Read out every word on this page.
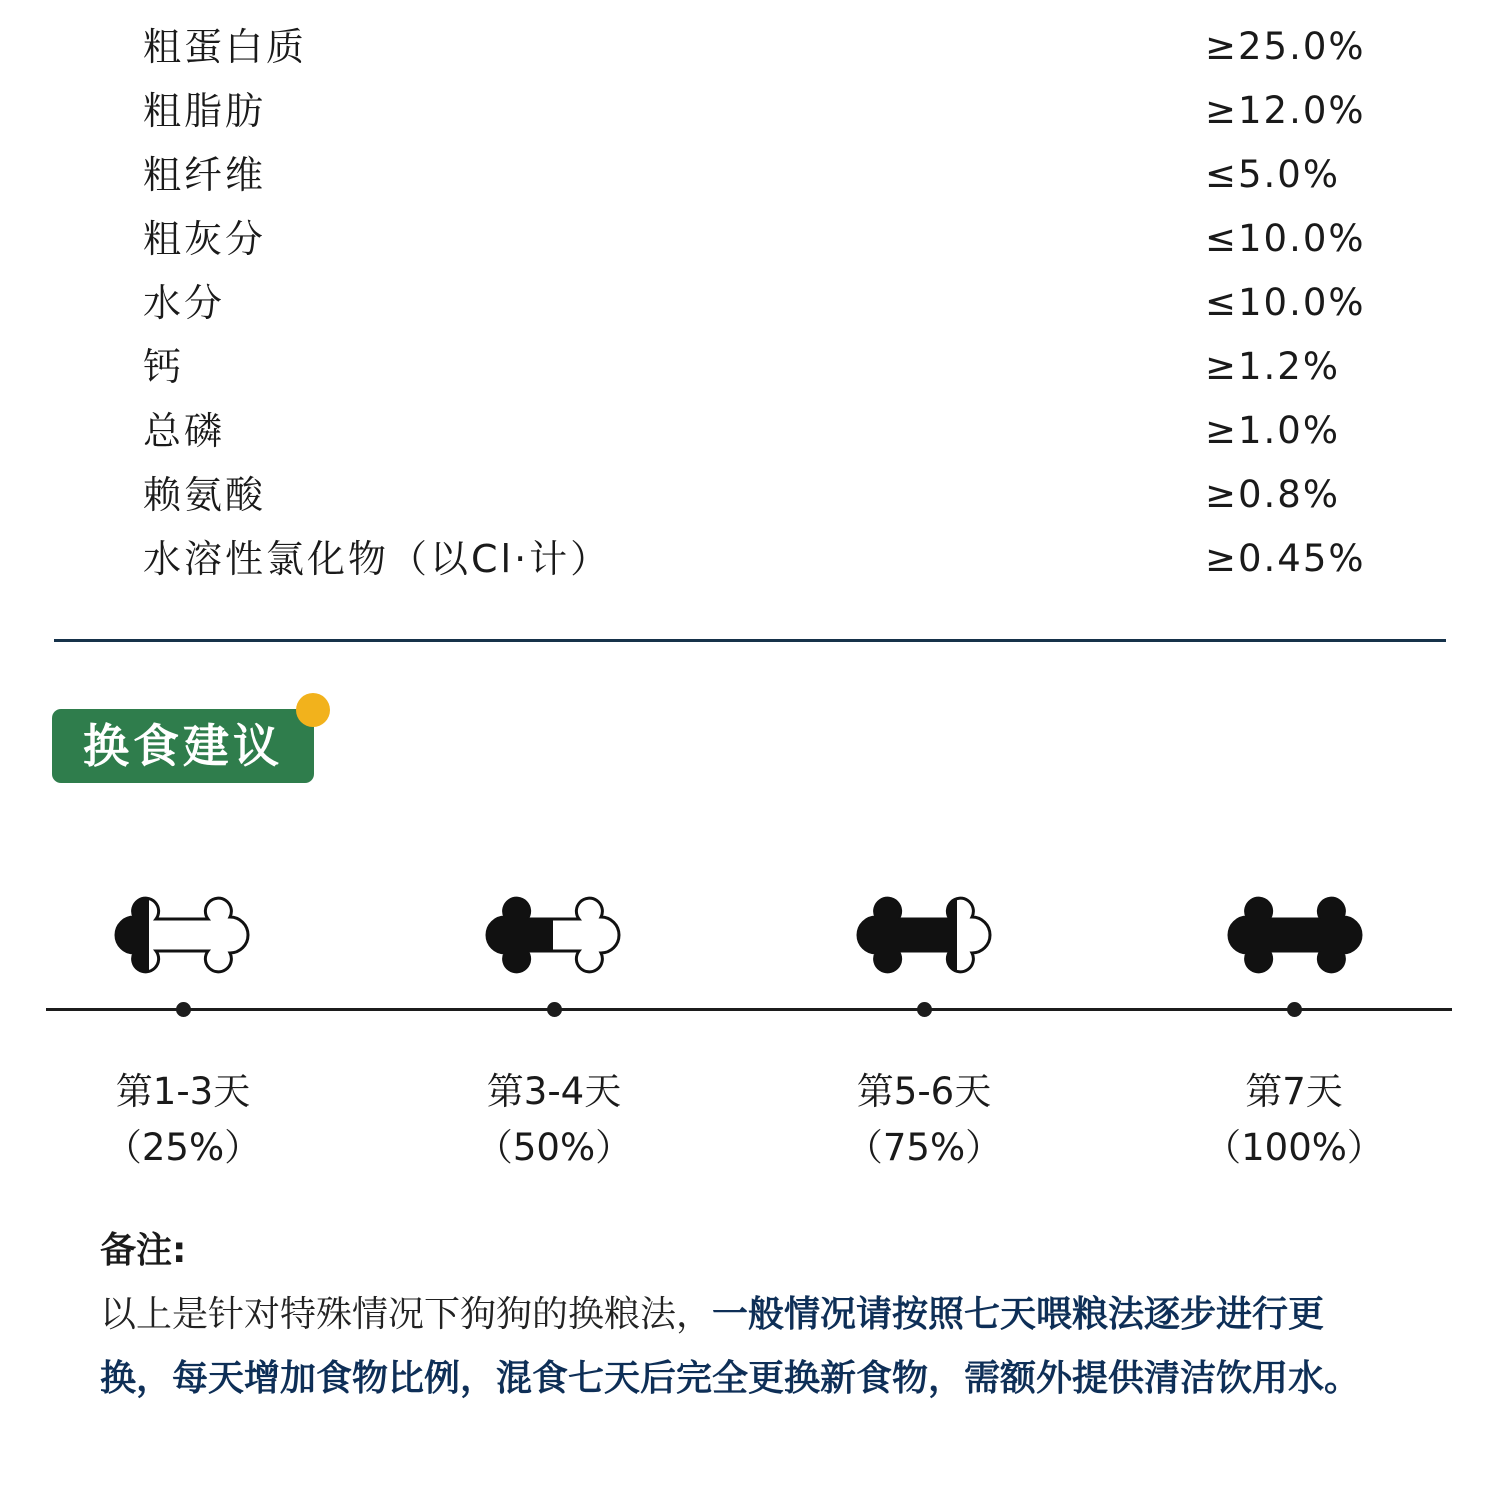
粗蛋白质	≥25.0%
粗脂肪	≥12.0%
粗纤维	≤5.0%
粗灰分	≤10.0%
水分	≤10.0%
钙	≥1.2%
总磷	≥1.0%
赖氨酸	≥0.8%
水溶性氯化物（以Cl·计）	≥0.45%
换食建议
第1-3天
（25%）
第3-4天
（50%）
第5-6天
（75%）
第7天
（100%）
备注:
以上是针对特殊情况下狗狗的换粮法，一般情况请按照七天喂粮法逐步进行更换，每天增加食物比例，混食七天后完全更换新食物，需额外提供清洁饮用水。
